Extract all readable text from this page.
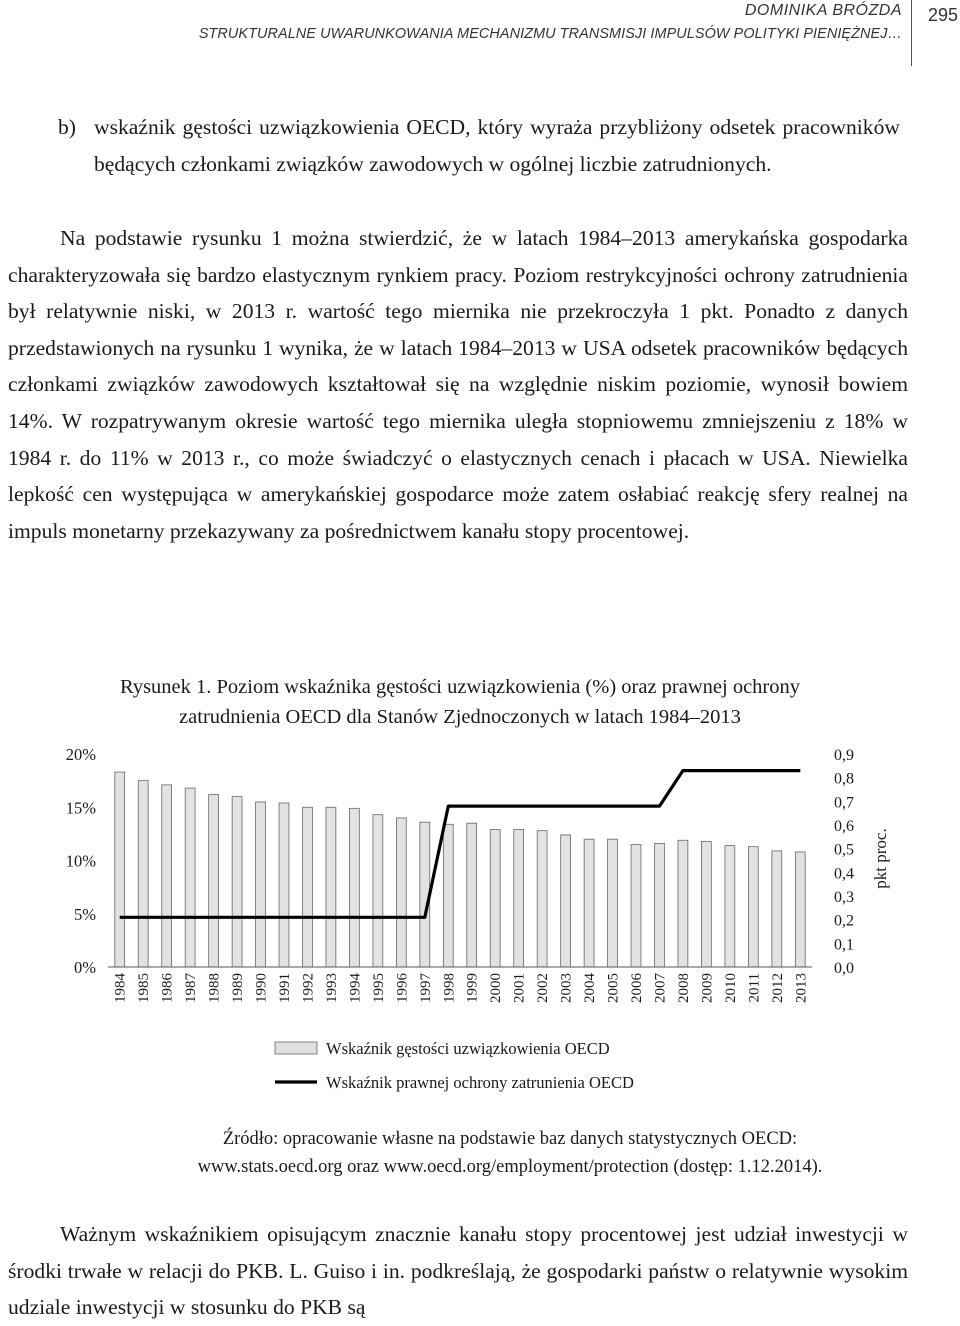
DOMINIKA BRÓZDA
STRUKTURALNE UWARUNKOWANIA MECHANIZMU TRANSMISJI IMPULSÓW POLITYKI PIENIĘŻNEJ…
295
b) wskaźnik gęstości uzwiązkowienia OECD, który wyraża przybliżony odsetek pracowników będących członkami związków zawodowych w ogólnej liczbie zatrudnionych.
Na podstawie rysunku 1 można stwierdzić, że w latach 1984–2013 amerykańska gospodarka charakteryzowała się bardzo elastycznym rynkiem pracy. Poziom restrykcyjności ochrony zatrudnienia był relatywnie niski, w 2013 r. wartość tego miernika nie przekroczyła 1 pkt. Ponadto z danych przedstawionych na rysunku 1 wynika, że w latach 1984–2013 w USA odsetek pracowników będących członkami związków zawodowych kształtował się na względnie niskim poziomie, wynosił bowiem 14%. W rozpatrywanym okresie wartość tego miernika uległa stopniowemu zmniejszeniu z 18% w 1984 r. do 11% w 2013 r., co może świadczyć o elastycznych cenach i płacach w USA. Niewielka lepkość cen występująca w amerykańskiej gospodarce może zatem osłabiać reakcję sfery realnej na impuls monetarny przekazywany za pośrednictwem kanału stopy procentowej.
Rysunek 1. Poziom wskaźnika gęstości uzwiązkowienia (%) oraz prawnej ochrony
zatrudnienia OECD dla Stanów Zjednoczonych w latach 1984–2013
0%
5%
10%
15%
20%
0,0
0,1
0,2
0,3
0,4
0,5
0,6
0,7
0,8
0,9
pkt proc.
1984 1985 1986 1987 1988 1989 1990 1991 1992 1993 1994 1995 1996 1997 1998 1999 2000 2001 2002 2003 2004 2005 2006 2007 2008 2009 2010 2011 2012 2013
Wskaźnik gęstości uzwiązkowienia OECD
Wskaźnik prawnej ochrony zatrunienia OECD
Źródło: opracowanie własne na podstawie baz danych statystycznych OECD:
www.stats.oecd.org oraz www.oecd.org/employment/protection (dostęp: 1.12.2014).
Ważnym wskaźnikiem opisującym znacznie kanału stopy procentowej jest udział inwestycji w środki trwałe w relacji do PKB. L. Guiso i in. podkreślają, że gospodarki państw o relatywnie wysokim udziale inwestycji w stosunku do PKB są
